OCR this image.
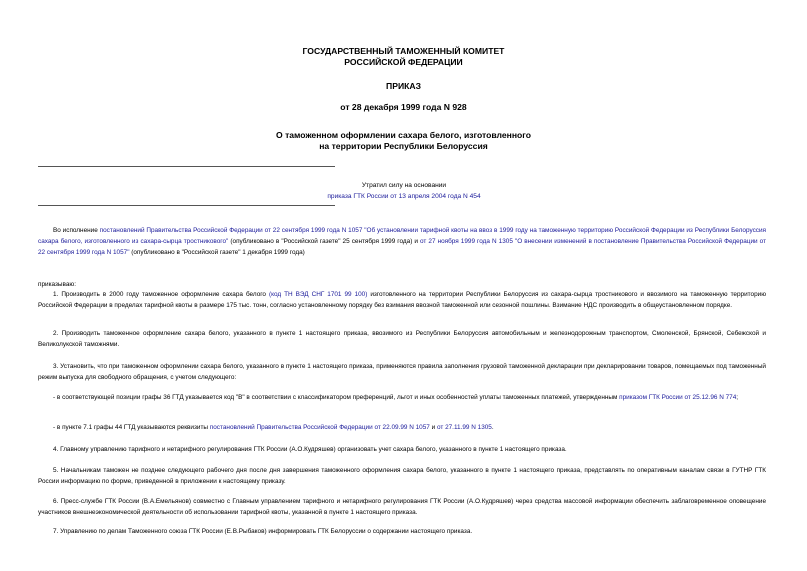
ГОСУДАРСТВЕННЫЙ ТАМОЖЕННЫЙ КОМИТЕТ
РОССИЙСКОЙ ФЕДЕРАЦИИ
ПРИКАЗ
от 28 декабря 1999 года N 928
О таможенном оформлении сахара белого, изготовленного
на территории Республики Белоруссия
Утратил силу на основании
приказа ГТК России от 13 апреля 2004 года N 454
Во исполнение постановлений Правительства Российской Федерации от 22 сентября 1999 года N 1057 "Об установлении тарифной квоты на ввоз в 1999 году на таможенную территорию Российской Федерации из Республики Белоруссия сахара белого, изготовленного из сахара-сырца тростникового" (опубликовано в "Российской газете" 25 сентября 1999 года) и от 27 ноября 1999 года N 1305 "О внесении изменений в постановление Правительства Российской Федерации от 22 сентября 1999 года N 1057" (опубликовано в "Российской газете" 1 декабря 1999 года)
приказываю:
1. Производить в 2000 году таможенное оформление сахара белого (код ТН ВЭД СНГ 1701 99 100) изготовленного на территории Республики Белоруссия из сахара-сырца тростникового и ввозимого на таможенную территорию Российской Федерации в пределах тарифной квоты в размере 175 тыс. тонн, согласно установленному порядку без взимания ввозной таможенной или сезонной пошлины. Взимание НДС производить в общеустановленном порядке.
2. Производить таможенное оформление сахара белого, указанного в пункте 1 настоящего приказа, ввозимого из Республики Белоруссия автомобильным и железнодорожным транспортом, Смоленской, Брянской, Себежской и Великолукской таможнями.
3. Установить, что при таможенном оформлении сахара белого, указанного в пункте 1 настоящего приказа, применяются правила заполнения грузовой таможенной декларации при декларировании товаров, помещаемых под таможенный режим выпуска для свободного обращения, с учетом следующего:
- в соответствующей позиции графы 36 ГТД указывается код "В" в соответствии с классификатором преференций, льгот и иных особенностей уплаты таможенных платежей, утвержденным приказом ГТК России от 25.12.96 N 774;
- в пункте 7.1 графы 44 ГТД указываются реквизиты постановлений Правительства Российской Федерации от 22.09.99 N 1057 и от 27.11.99 N 1305.
4. Главному управлению тарифного и нетарифного регулирования ГТК России (А.О.Кудряшев) организовать учет сахара белого, указанного в пункте 1 настоящего приказа.
5. Начальникам таможен не позднее следующего рабочего дня после дня завершения таможенного оформления сахара белого, указанного в пункте 1 настоящего приказа, представлять по оперативным каналам связи в ГУТНР ГТК России информацию по форме, приведенной в приложении к настоящему приказу.
6. Пресс-службе ГТК России (В.А.Емельянов) совместно с Главным управлением тарифного и нетарифного регулирования ГТК России (А.О.Кудряшев) через средства массовой информации обеспечить заблаговременное оповещение участников внешнеэкономической деятельности об использовании тарифной квоты, указанной в пункте 1 настоящего приказа.
7. Управлению по делам Таможенного союза ГТК России (Е.В.Рыбаков) информировать ГТК Белоруссии о содержании настоящего приказа.
